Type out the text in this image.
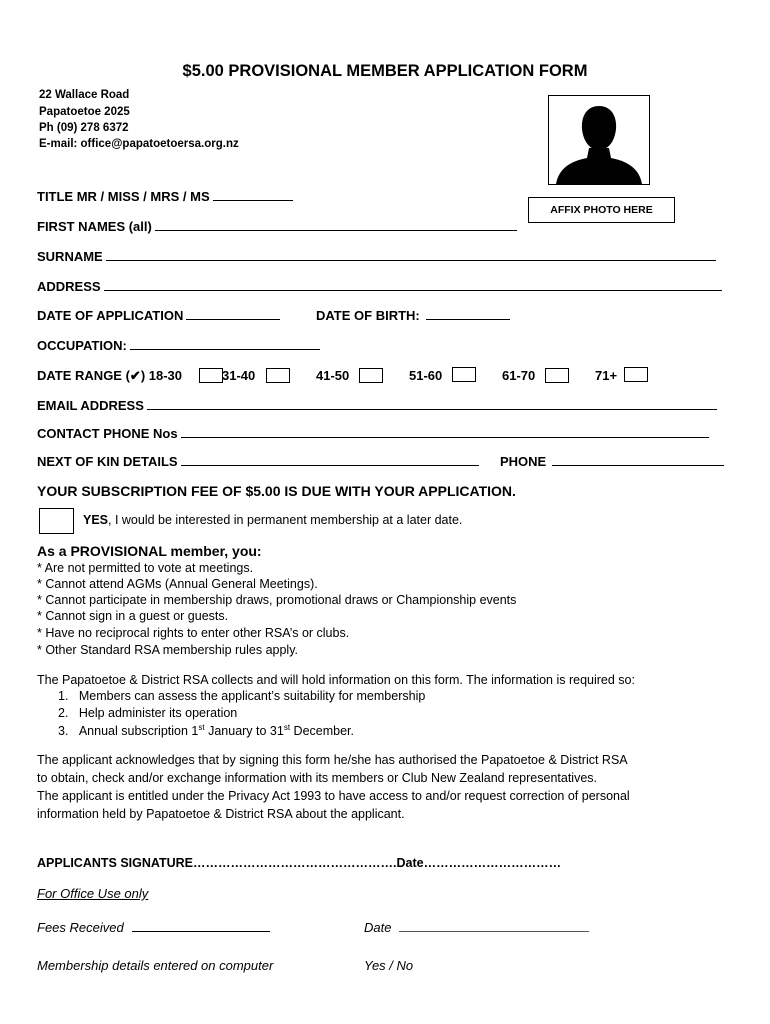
$5.00 PROVISIONAL MEMBER APPLICATION FORM
22 Wallace Road
Papatoetoe 2025
Ph (09) 278 6372
E-mail: office@papatoetoersa.org.nz
AFFIX PHOTO HERE
TITLE MR / MISS / MRS / MS
FIRST NAMES (all)
SURNAME
ADDRESS
DATE OF APPLICATION	DATE OF BIRTH:
OCCUPATION:
DATE RANGE (✔) 18-30	31-40	41-50	51-60	61-70	71+
EMAIL ADDRESS
CONTACT PHONE Nos
NEXT OF KIN DETAILS	PHONE
YOUR SUBSCRIPTION FEE OF $5.00 IS DUE WITH YOUR APPLICATION.
YES, I would be interested in permanent membership at a later date.
As a PROVISIONAL member, you:
* Are not permitted to vote at meetings.
* Cannot attend AGMs (Annual General Meetings).
* Cannot participate in membership draws, promotional draws or Championship events
* Cannot sign in a guest or guests.
* Have no reciprocal rights to enter other RSA’s or clubs.
* Other Standard RSA membership rules apply.
The Papatoetoe & District RSA collects and will hold information on this form. The information is required so:
1.   Members can assess the applicant’s suitability for membership
2.   Help administer its operation
3.   Annual subscription 1st January to 31st December.
The applicant acknowledges that by signing this form he/she has authorised the Papatoetoe & District RSA
to obtain, check and/or exchange information with its members or Club New Zealand representatives.
The applicant is entitled under the Privacy Act 1993 to have access to and/or request correction of personal
information held by Papatoetoe & District RSA about the applicant.
APPLICANTS SIGNATURE………………………………………….Date……………………………
For Office Use only
Fees Received	Date
Membership details entered on computer	Yes / No
